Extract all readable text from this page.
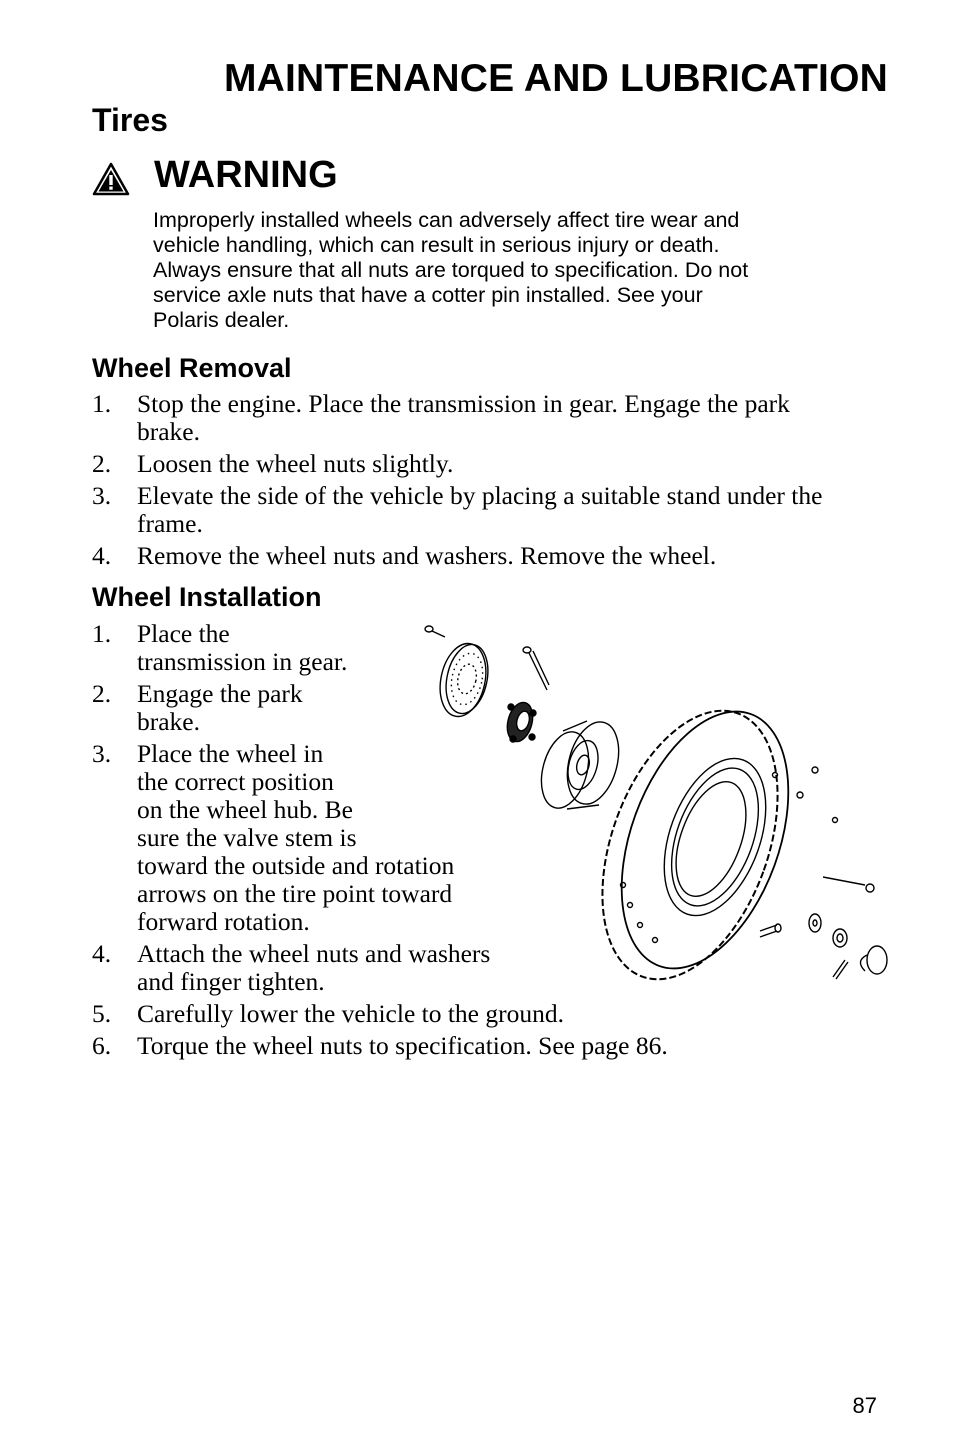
MAINTENANCE AND LUBRICATION
Tires
WARNING
Improperly installed wheels can adversely affect tire wear and
vehicle handling, which can result in serious injury or death.
Always ensure that all nuts are torqued to specification. Do not
service axle nuts that have a cotter pin installed. See your
Polaris dealer.
Wheel Removal
1. Stop the engine. Place the transmission in gear. Engage the park
brake.
2. Loosen the wheel nuts slightly.
3. Elevate the side of the vehicle by placing a suitable stand under the
frame.
4. Remove the wheel nuts and washers. Remove the wheel.
Wheel Installation
1. Place the
transmission in gear.
2. Engage the park
brake.
3. Place the wheel in
the correct position
on the wheel hub. Be
sure the valve stem is
toward the outside and rotation
arrows on the tire point toward
forward rotation.
4. Attach the wheel nuts and washers
and finger tighten.
5. Carefully lower the vehicle to the ground.
6. Torque the wheel nuts to specification. See page 86.
87
